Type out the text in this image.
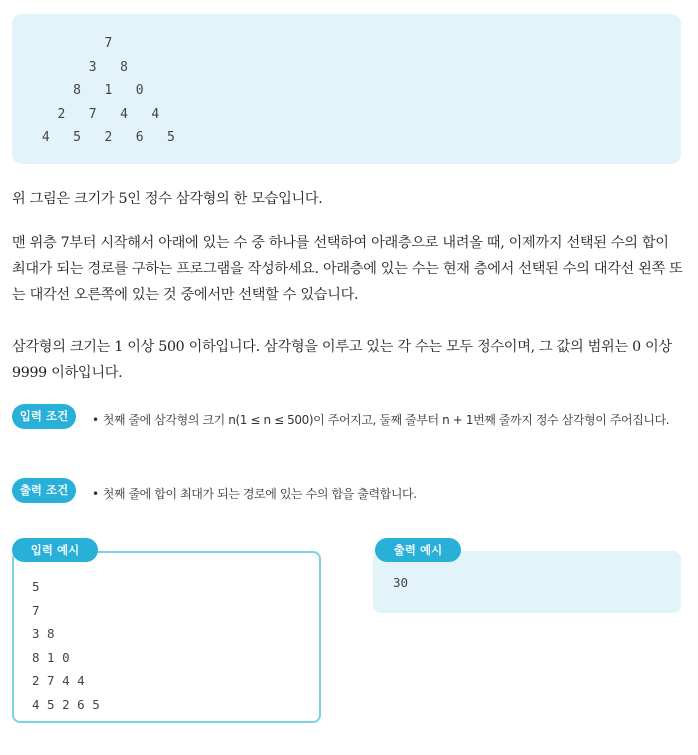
7
3   8
8   1   0
2   7   4   4
4   5   2   6   5

위 그림은 크기가 5인 정수 삼각형의 한 모습입니다.

맨 위층 7부터 시작해서 아래에 있는 수 중 하나를 선택하여 아래층으로 내려올 때, 이제까지 선택된 수의 합이 최대가 되는 경로를 구하는 프로그램을 작성하세요. 아래층에 있는 수는 현재 층에서 선택된 수의 대각선 왼쪽 또는 대각선 오른쪽에 있는 것 중에서만 선택할 수 있습니다.

삼각형의 크기는 1 이상 500 이하입니다. 삼각형을 이루고 있는 각 수는 모두 정수이며, 그 값의 범위는 0 이상 9999 이하입니다.

입력 조건	• 첫째 줄에 삼각형의 크기 n(1 ≤ n ≤ 500)이 주어지고, 둘째 줄부터 n + 1번째 줄까지 정수 삼각형이 주어집니다.
출력 조건	• 첫째 줄에 합이 최대가 되는 경로에 있는 수의 합을 출력합니다.
입력 예시
5
7
3 8
8 1 0
2 7 4 4
4 5 2 6 5
출력 예시
30
